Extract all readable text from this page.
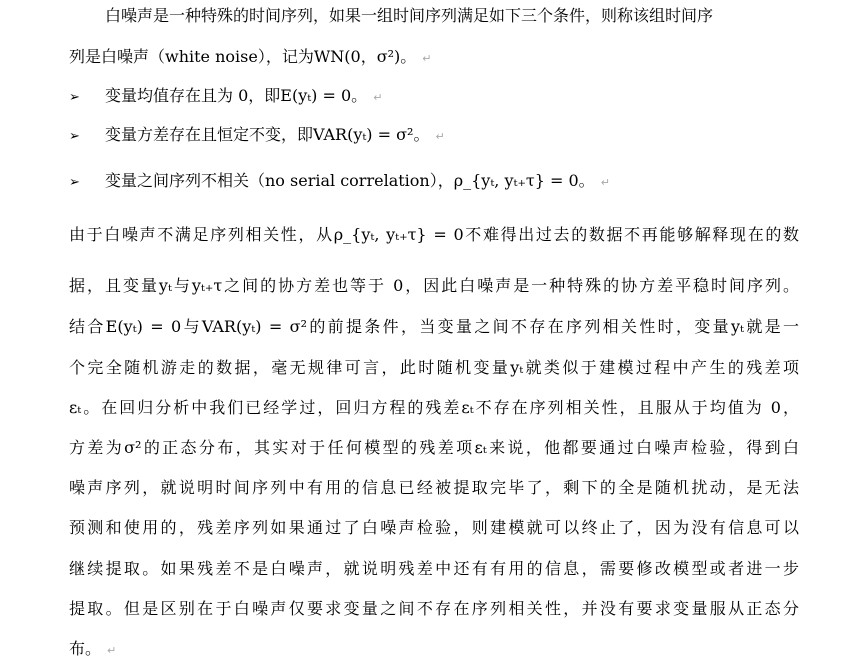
白噪声是一种特殊的时间序列，如果一组时间序列满足如下三个条件，则称该组时间序
列是白噪声（white noise），记为WN(0，σ²)。 ↵
➢ 变量均值存在且为 0，即E(yₜ) = 0。 ↵
➢ 变量方差存在且恒定不变，即VAR(yₜ) = σ²。 ↵
➢ 变量之间序列不相关（no serial correlation），ρ_{yₜ, yₜ₊τ} = 0。 ↵
由于白噪声不满足序列相关性，从ρ_{yₜ, yₜ₊τ} = 0不难得出过去的数据不再能够解释现在的数
据，且变量yₜ与yₜ₊τ之间的协方差也等于 0，因此白噪声是一种特殊的协方差平稳时间序列。
结合E(yₜ) = 0与VAR(yₜ) = σ²的前提条件，当变量之间不存在序列相关性时，变量yₜ就是一
个完全随机游走的数据，毫无规律可言，此时随机变量yₜ就类似于建模过程中产生的残差项
εₜ。在回归分析中我们已经学过，回归方程的残差εₜ不存在序列相关性，且服从于均值为 0，
方差为σ²的正态分布，其实对于任何模型的残差项εₜ来说，他都要通过白噪声检验，得到白
噪声序列，就说明时间序列中有用的信息已经被提取完毕了，剩下的全是随机扰动，是无法
预测和使用的，残差序列如果通过了白噪声检验，则建模就可以终止了，因为没有信息可以
继续提取。如果残差不是白噪声，就说明残差中还有有用的信息，需要修改模型或者进一步
提取。但是区别在于白噪声仅要求变量之间不存在序列相关性，并没有要求变量服从正态分
布。 ↵
